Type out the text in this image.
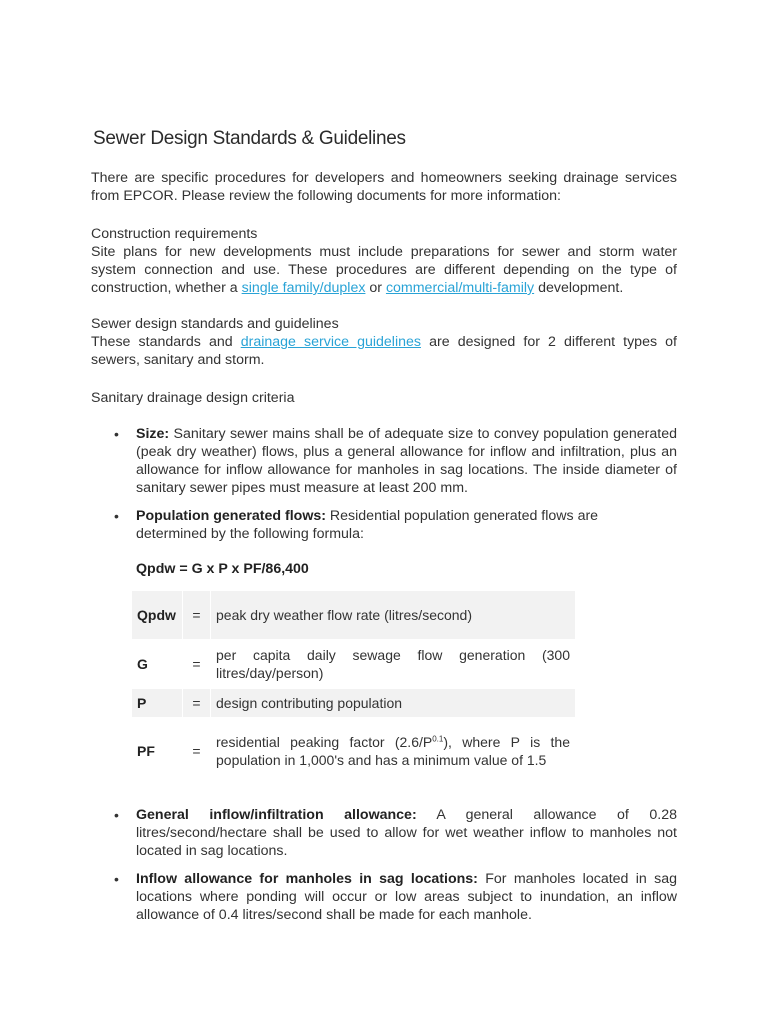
Sewer Design Standards & Guidelines

There are specific procedures for developers and homeowners seeking drainage services from EPCOR. Please review the following documents for more information:

Construction requirements
Site plans for new developments must include preparations for sewer and storm water system connection and use. These procedures are different depending on the type of construction, whether a single family/duplex or commercial/multi-family development.

Sewer design standards and guidelines
These standards and drainage service guidelines are designed for 2 different types of sewers, sanitary and storm.

Sanitary drainage design criteria

• Size: Sanitary sewer mains shall be of adequate size to convey population generated (peak dry weather) flows, plus a general allowance for inflow and infiltration, plus an allowance for inflow allowance for manholes in sag locations. The inside diameter of sanitary sewer pipes must measure at least 200 mm.
• Population generated flows: Residential population generated flows are determined by the following formula:
• General inflow/infiltration allowance: A general allowance of 0.28 litres/second/hectare shall be used to allow for wet weather inflow to manholes not located in sag locations.
• Inflow allowance for manholes in sag locations: For manholes located in sag locations where ponding will occur or low areas subject to inundation, an inflow allowance of 0.4 litres/second shall be made for each manhole.

Qpdw = G x P x PF/86,400

Qpdw	=	peak dry weather flow rate (litres/second)
G	=	per capita daily sewage flow generation (300 litres/day/person)
P	=	design contributing population
PF	=	residential peaking factor $(2.6/P^{0.1})$, where P is the population in 1,000's and has a minimum value of 1.5
